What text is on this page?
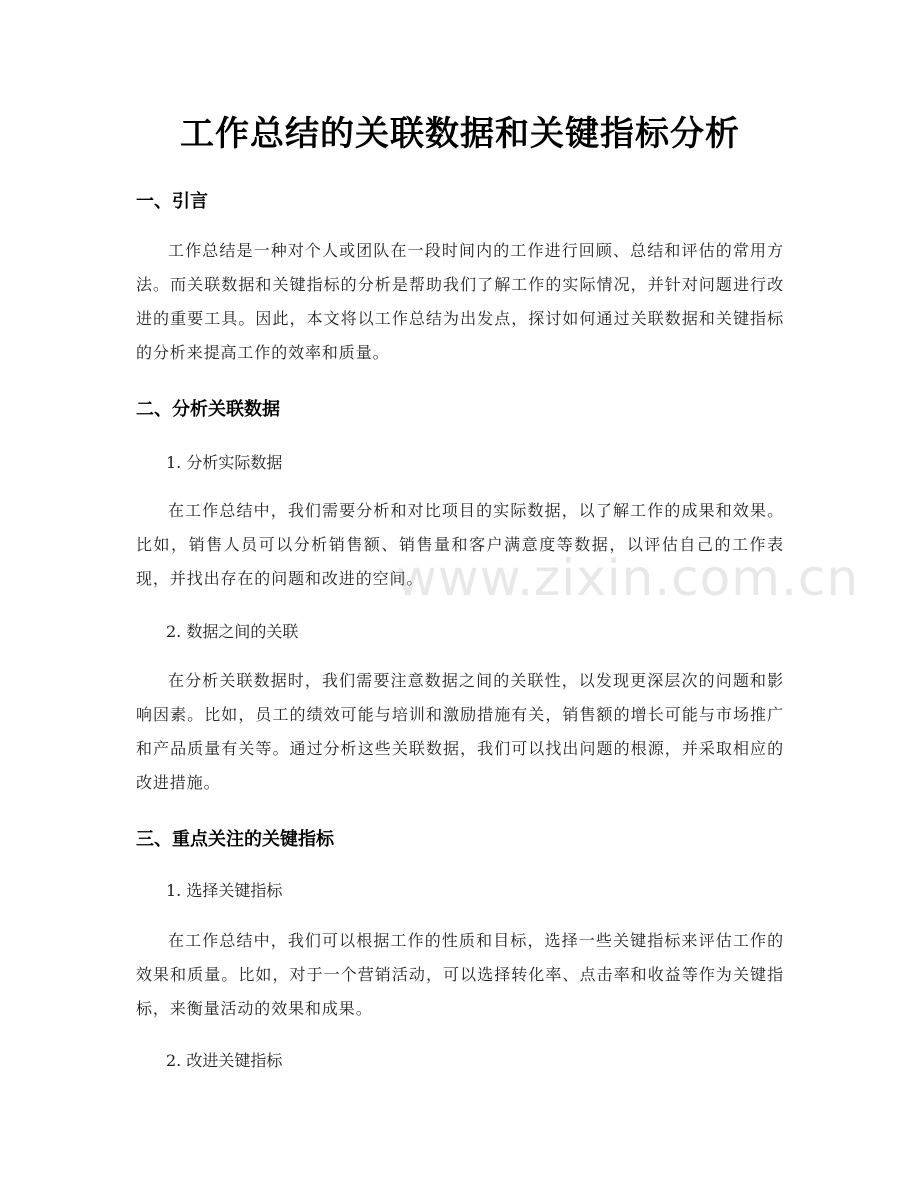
工作总结的关联数据和关键指标分析
一、引言
工作总结是一种对个人或团队在一段时间内的工作进行回顾、总结和评估的常用方法。而关联数据和关键指标的分析是帮助我们了解工作的实际情况，并针对问题进行改进的重要工具。因此，本文将以工作总结为出发点，探讨如何通过关联数据和关键指标的分析来提高工作的效率和质量。
二、分析关联数据
1. 分析实际数据
在工作总结中，我们需要分析和对比项目的实际数据，以了解工作的成果和效果。比如，销售人员可以分析销售额、销售量和客户满意度等数据，以评估自己的工作表现，并找出存在的问题和改进的空间。
2. 数据之间的关联
在分析关联数据时，我们需要注意数据之间的关联性，以发现更深层次的问题和影响因素。比如，员工的绩效可能与培训和激励措施有关，销售额的增长可能与市场推广和产品质量有关等。通过分析这些关联数据，我们可以找出问题的根源，并采取相应的改进措施。
三、重点关注的关键指标
1. 选择关键指标
在工作总结中，我们可以根据工作的性质和目标，选择一些关键指标来评估工作的效果和质量。比如，对于一个营销活动，可以选择转化率、点击率和收益等作为关键指标，来衡量活动的效果和成果。
2. 改进关键指标
www.zixin.com.cn
